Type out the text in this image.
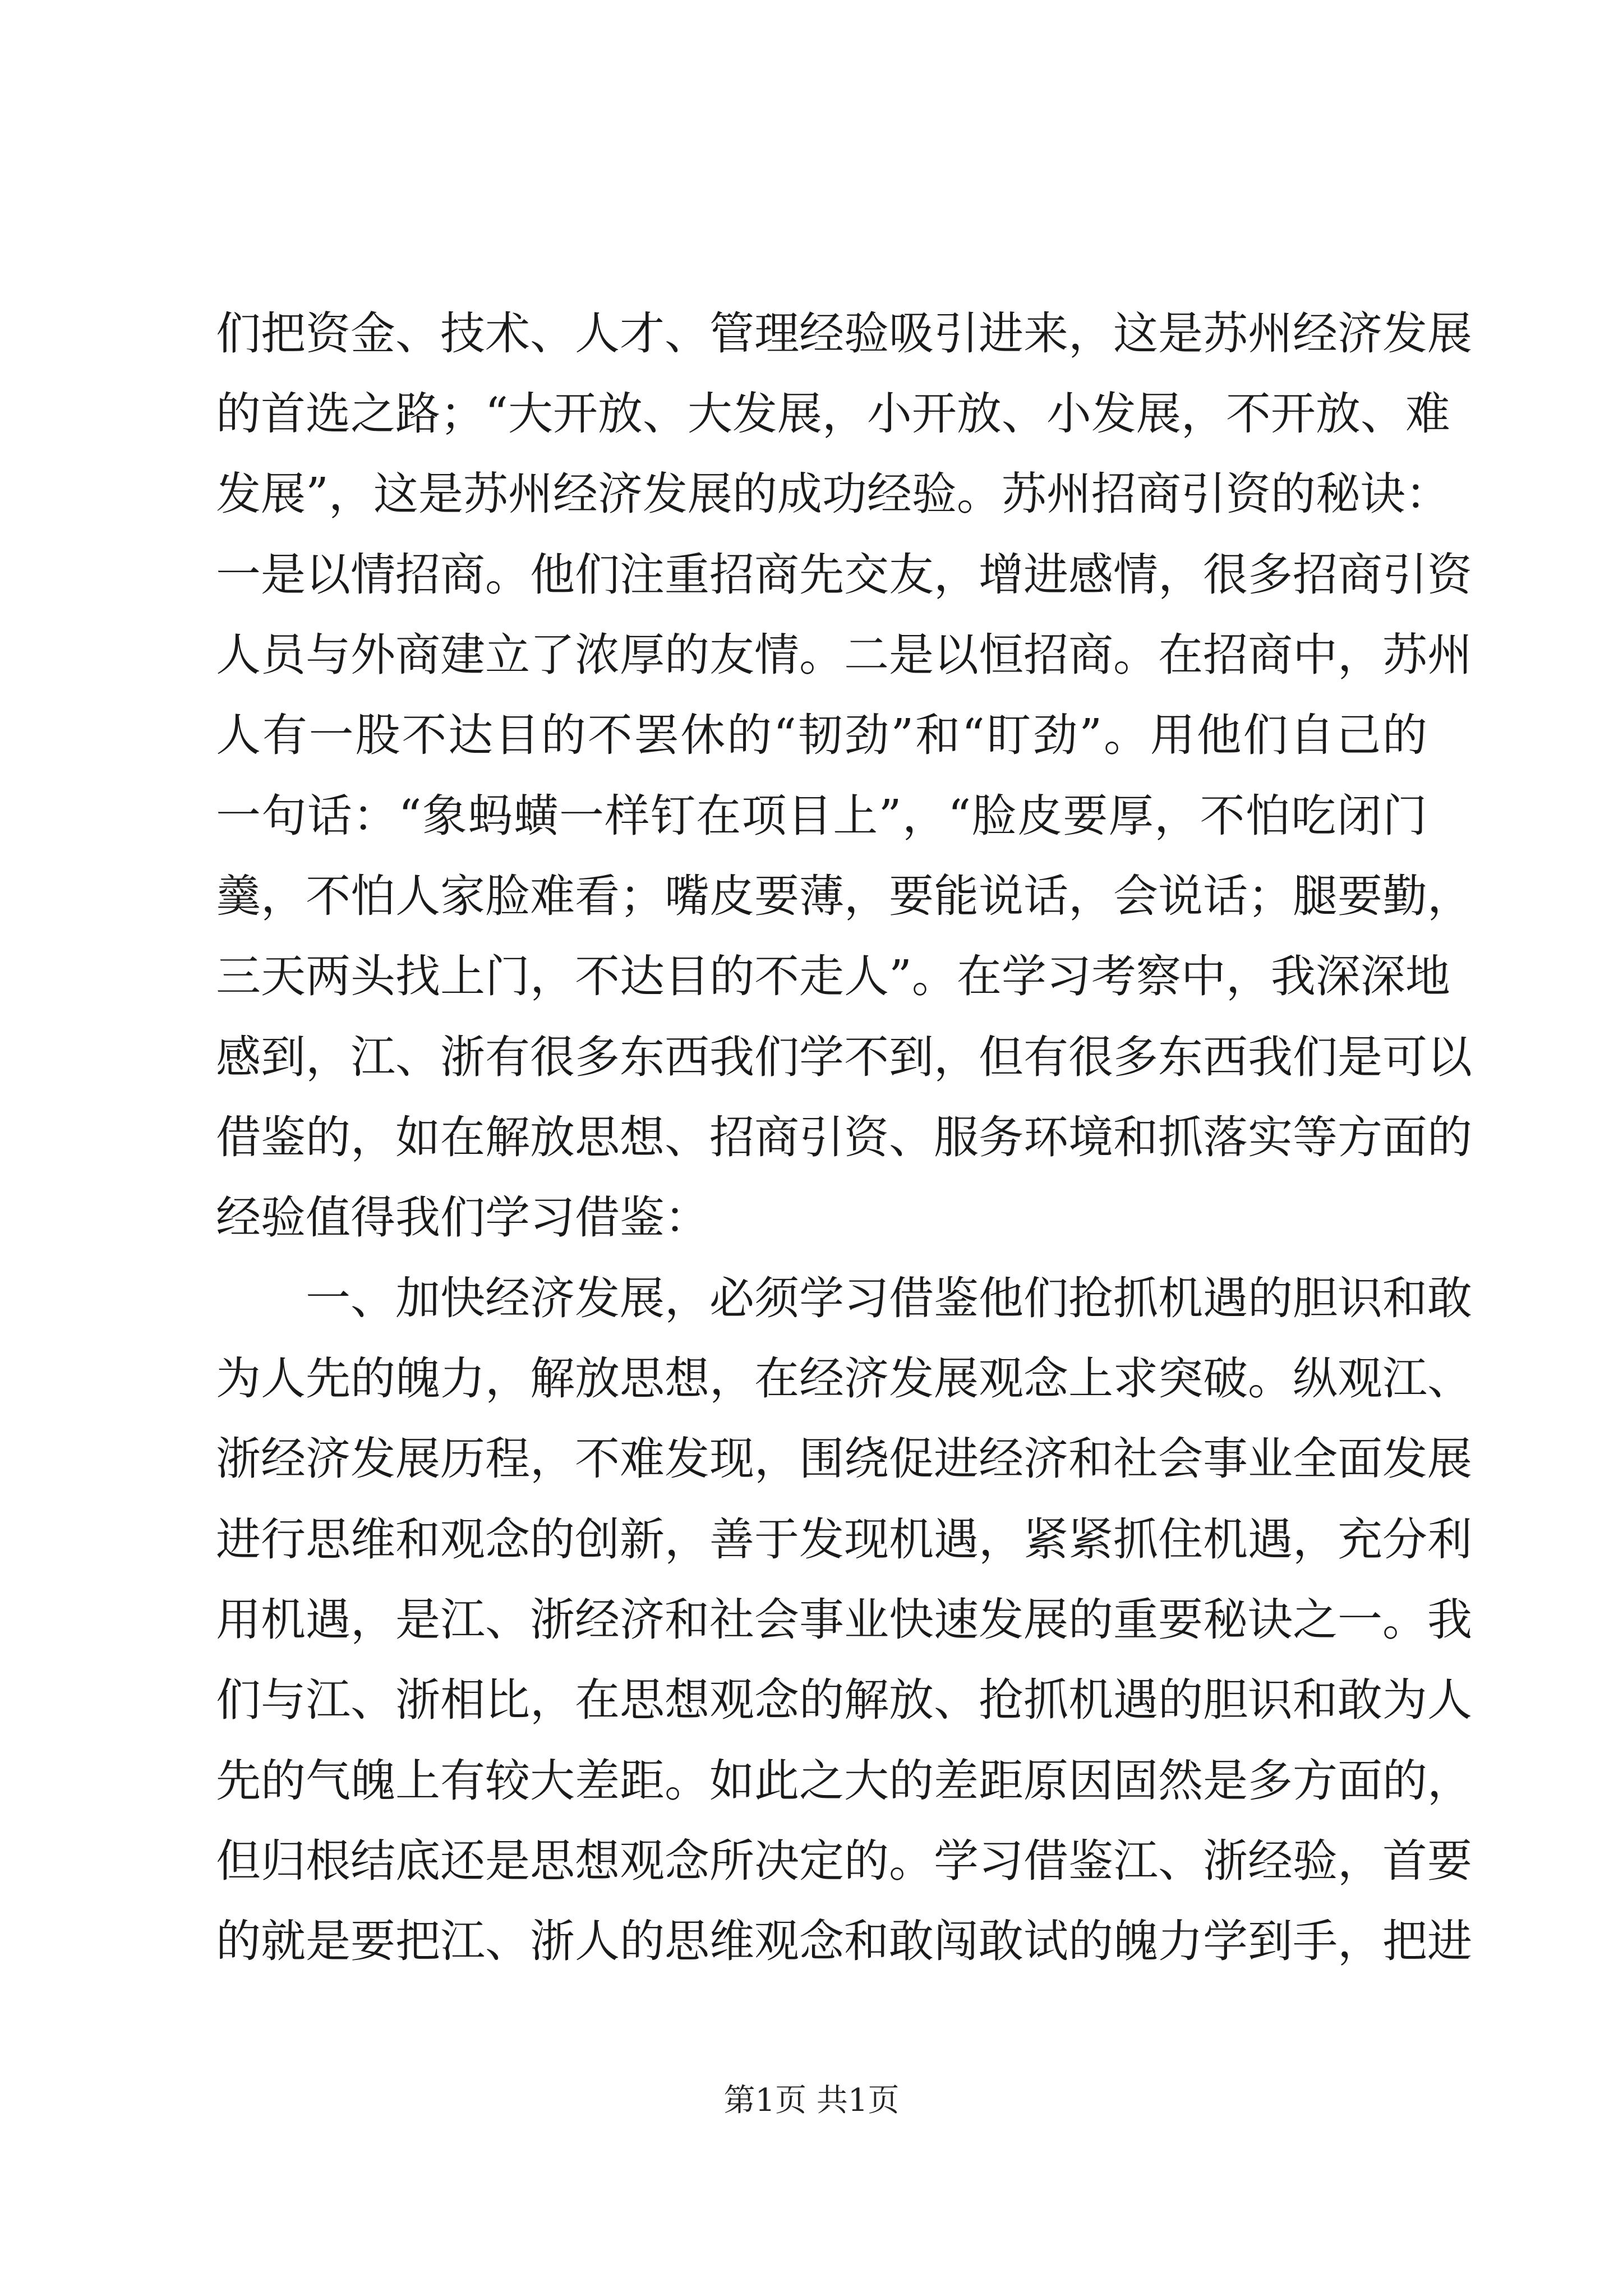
们把资金、技术、人才、管理经验吸引进来，这是苏州经济发展
的首选之路；“大开放、大发展，小开放、小发展，不开放、难
发展”，这是苏州经济发展的成功经验。苏州招商引资的秘诀：
一是以情招商。他们注重招商先交友，增进感情，很多招商引资
人员与外商建立了浓厚的友情。二是以恒招商。在招商中，苏州
人有一股不达目的不罢休的“韧劲”和“盯劲”。用他们自己的
一句话：“象蚂蟥一样钉在项目上”，“脸皮要厚，不怕吃闭门
羹，不怕人家脸难看；嘴皮要薄，要能说话，会说话；腿要勤，
三天两头找上门，不达目的不走人”。在学习考察中，我深深地
感到，江、浙有很多东西我们学不到，但有很多东西我们是可以
借鉴的，如在解放思想、招商引资、服务环境和抓落实等方面的
经验值得我们学习借鉴：
一、加快经济发展，必须学习借鉴他们抢抓机遇的胆识和敢
为人先的魄力，解放思想，在经济发展观念上求突破。纵观江、
浙经济发展历程，不难发现，围绕促进经济和社会事业全面发展
进行思维和观念的创新，善于发现机遇，紧紧抓住机遇，充分利
用机遇，是江、浙经济和社会事业快速发展的重要秘诀之一。我
们与江、浙相比，在思想观念的解放、抢抓机遇的胆识和敢为人
先的气魄上有较大差距。如此之大的差距原因固然是多方面的，
但归根结底还是思想观念所决定的。学习借鉴江、浙经验，首要
的就是要把江、浙人的思维观念和敢闯敢试的魄力学到手，把进
第1页 共1页
